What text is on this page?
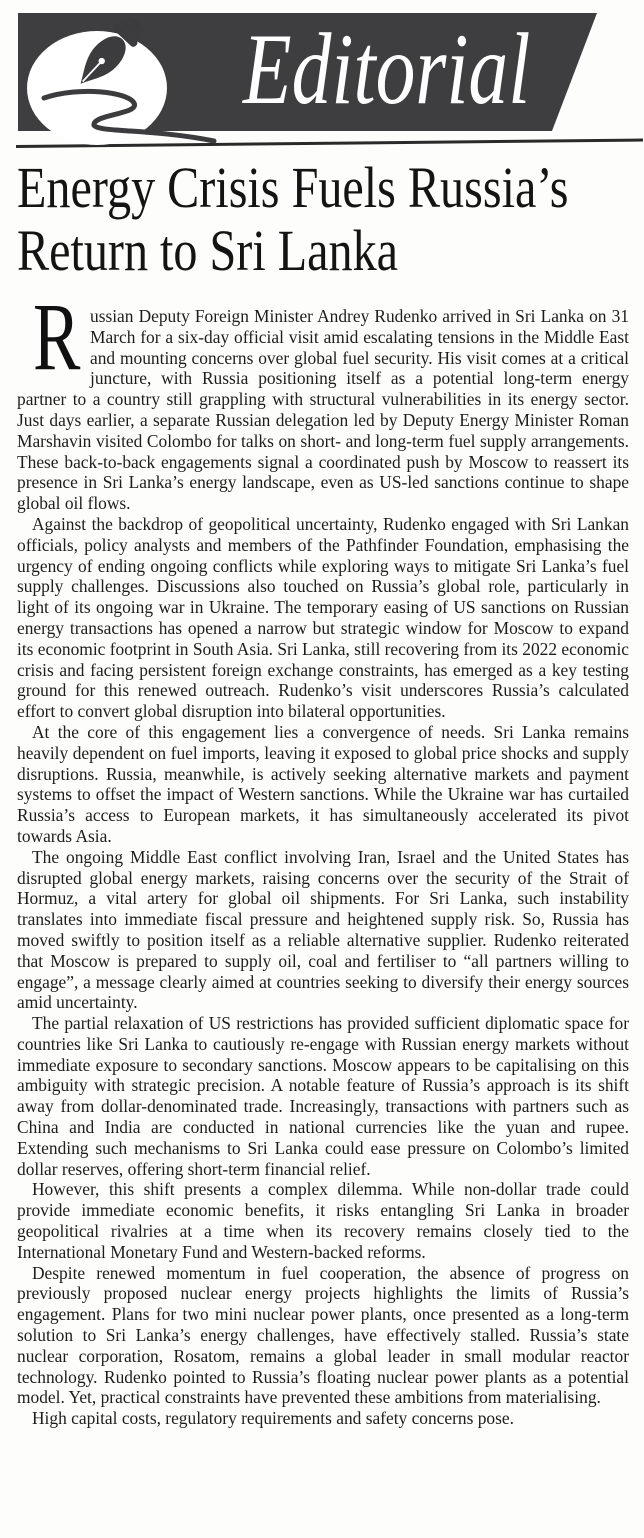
Editorial
Energy Crisis Fuels Russia’s
Return to Sri Lanka

R ussian Deputy Foreign Minister Andrey Rudenko arrived in Sri Lanka on 31 March for a six-day official visit amid escalating tensions in the Middle East and mounting concerns over global fuel security. His visit comes at a critical juncture, with Russia positioning itself as a potential long-term energy partner to a country still grappling with structural vulnerabilities in its energy sector. Just days earlier, a separate Russian delegation led by Deputy Energy Minister Roman Marshavin visited Colombo for talks on short- and long-term fuel supply arrangements. These back-to-back engagements signal a coordinated push by Moscow to reassert its presence in Sri Lanka’s energy landscape, even as US-led sanctions continue to shape global oil flows.

Against the backdrop of geopolitical uncertainty, Rudenko engaged with Sri Lankan officials, policy analysts and members of the Pathfinder Foundation, emphasising the urgency of ending ongoing conflicts while exploring ways to mitigate Sri Lanka’s fuel supply challenges. Discussions also touched on Russia’s global role, particularly in light of its ongoing war in Ukraine. The temporary easing of US sanctions on Russian energy transactions has opened a narrow but strategic window for Moscow to expand its economic footprint in South Asia. Sri Lanka, still recovering from its 2022 economic crisis and facing persistent foreign exchange constraints, has emerged as a key testing ground for this renewed outreach. Rudenko’s visit underscores Russia’s calculated effort to convert global disruption into bilateral opportunities.

At the core of this engagement lies a convergence of needs. Sri Lanka remains heavily dependent on fuel imports, leaving it exposed to global price shocks and supply disruptions. Russia, meanwhile, is actively seeking alternative markets and payment systems to offset the impact of Western sanctions. While the Ukraine war has curtailed Russia’s access to European markets, it has simultaneously accelerated its pivot towards Asia.

The ongoing Middle East conflict involving Iran, Israel and the United States has disrupted global energy markets, raising concerns over the security of the Strait of Hormuz, a vital artery for global oil shipments. For Sri Lanka, such instability translates into immediate fiscal pressure and heightened supply risk. So, Russia has moved swiftly to position itself as a reliable alternative supplier. Rudenko reiterated that Moscow is prepared to supply oil, coal and fertiliser to “all partners willing to engage”, a message clearly aimed at countries seeking to diversify their energy sources amid uncertainty.

The partial relaxation of US restrictions has provided sufficient diplomatic space for countries like Sri Lanka to cautiously re-engage with Russian energy markets without immediate exposure to secondary sanctions. Moscow appears to be capitalising on this ambiguity with strategic precision. A notable feature of Russia’s approach is its shift away from dollar-denominated trade. Increasingly, transactions with partners such as China and India are conducted in national currencies like the yuan and rupee. Extending such mechanisms to Sri Lanka could ease pressure on Colombo’s limited dollar reserves, offering short-term financial relief.

However, this shift presents a complex dilemma. While non-dollar trade could provide immediate economic benefits, it risks entangling Sri Lanka in broader geopolitical rivalries at a time when its recovery remains closely tied to the International Monetary Fund and Western-backed reforms.

Despite renewed momentum in fuel cooperation, the absence of progress on previously proposed nuclear energy projects highlights the limits of Russia’s engagement. Plans for two mini nuclear power plants, once presented as a long-term solution to Sri Lanka’s energy challenges, have effectively stalled. Russia’s state nuclear corporation, Rosatom, remains a global leader in small modular reactor technology. Rudenko pointed to Russia’s floating nuclear power plants as a potential model. Yet, practical constraints have prevented these ambitions from materialising.

High capital costs, regulatory requirements and safety concerns pose.
